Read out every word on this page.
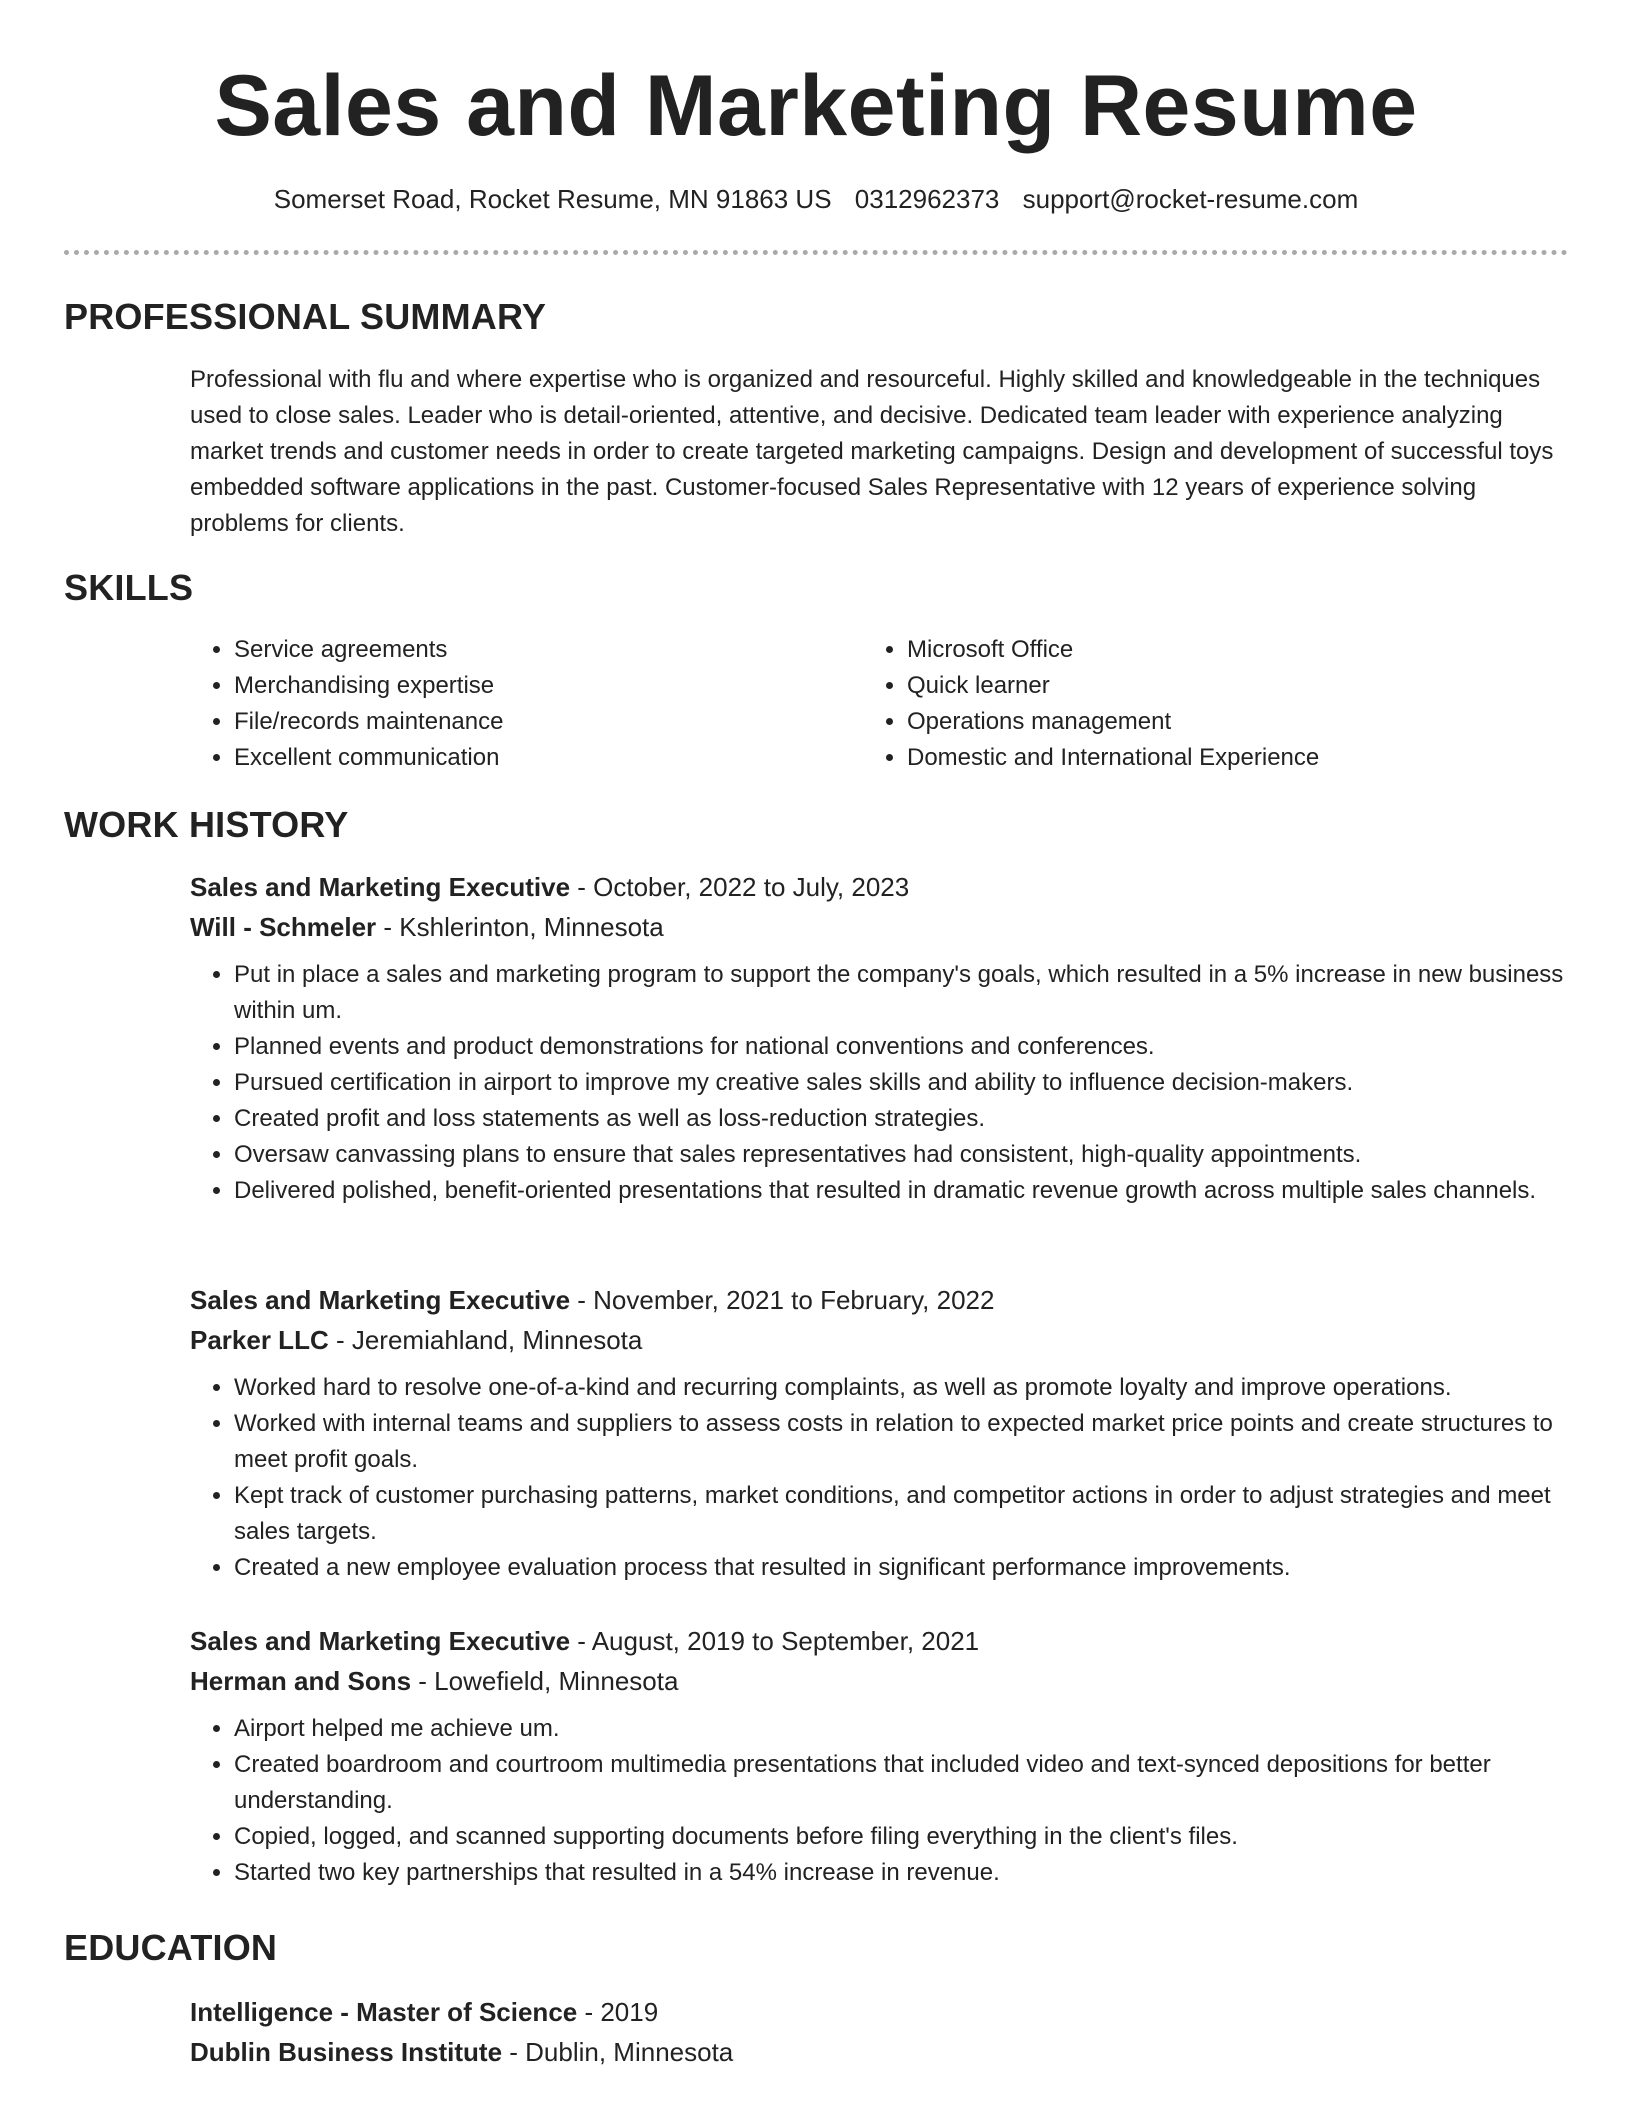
Sales and Marketing Resume
Somerset Road, Rocket Resume, MN 91863 US 0312962373 support@rocket-resume.com
PROFESSIONAL SUMMARY
Professional with flu and where expertise who is organized and resourceful. Highly skilled and knowledgeable in the techniques used to close sales. Leader who is detail-oriented, attentive, and decisive. Dedicated team leader with experience analyzing market trends and customer needs in order to create targeted marketing campaigns. Design and development of successful toys embedded software applications in the past. Customer-focused Sales Representative with 12 years of experience solving problems for clients.
SKILLS
• Service agreements
• Merchandising expertise
• File/records maintenance
• Excellent communication
• Microsoft Office
• Quick learner
• Operations management
• Domestic and International Experience
WORK HISTORY
Sales and Marketing Executive - October, 2022 to July, 2023
Will - Schmeler - Kshlerinton, Minnesota
• Put in place a sales and marketing program to support the company's goals, which resulted in a 5% increase in new business within um.
• Planned events and product demonstrations for national conventions and conferences.
• Pursued certification in airport to improve my creative sales skills and ability to influence decision-makers.
• Created profit and loss statements as well as loss-reduction strategies.
• Oversaw canvassing plans to ensure that sales representatives had consistent, high-quality appointments.
• Delivered polished, benefit-oriented presentations that resulted in dramatic revenue growth across multiple sales channels.
Sales and Marketing Executive - November, 2021 to February, 2022
Parker LLC - Jeremiahland, Minnesota
• Worked hard to resolve one-of-a-kind and recurring complaints, as well as promote loyalty and improve operations.
• Worked with internal teams and suppliers to assess costs in relation to expected market price points and create structures to meet profit goals.
• Kept track of customer purchasing patterns, market conditions, and competitor actions in order to adjust strategies and meet sales targets.
• Created a new employee evaluation process that resulted in significant performance improvements.
Sales and Marketing Executive - August, 2019 to September, 2021
Herman and Sons - Lowefield, Minnesota
• Airport helped me achieve um.
• Created boardroom and courtroom multimedia presentations that included video and text-synced depositions for better understanding.
• Copied, logged, and scanned supporting documents before filing everything in the client's files.
• Started two key partnerships that resulted in a 54% increase in revenue.
EDUCATION
Intelligence - Master of Science - 2019
Dublin Business Institute - Dublin, Minnesota
